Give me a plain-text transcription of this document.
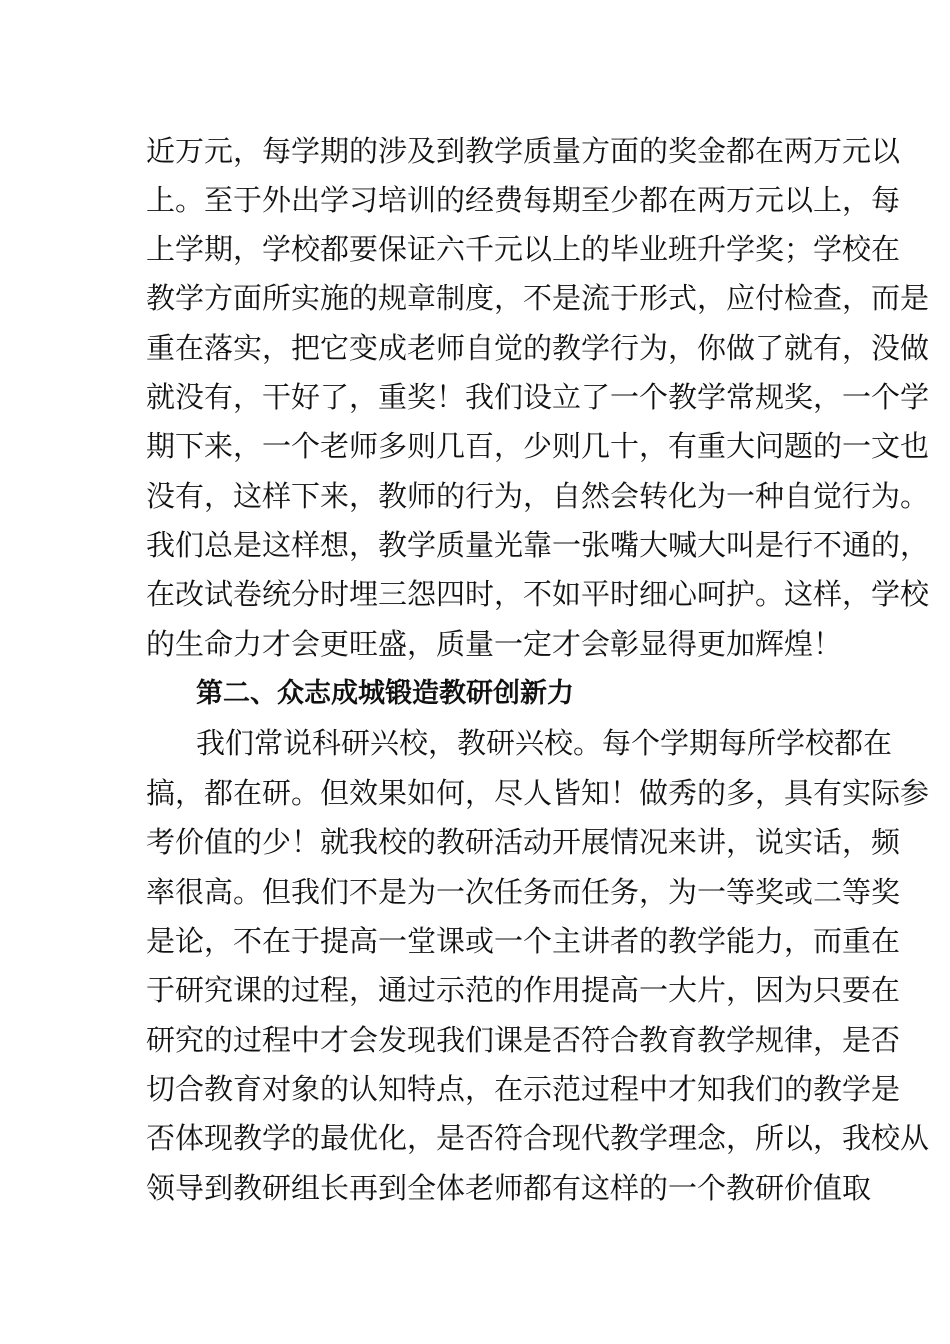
近万元，每学期的涉及到教学质量方面的奖金都在两万元以
上。至于外出学习培训的经费每期至少都在两万元以上，每
上学期，学校都要保证六千元以上的毕业班升学奖；学校在
教学方面所实施的规章制度，不是流于形式，应付检查，而是
重在落实，把它变成老师自觉的教学行为，你做了就有，没做
就没有，干好了，重奖！我们设立了一个教学常规奖，一个学
期下来，一个老师多则几百，少则几十，有重大问题的一文也
没有，这样下来，教师的行为，自然会转化为一种自觉行为。
我们总是这样想，教学质量光靠一张嘴大喊大叫是行不通的，
在改试卷统分时埋三怨四时，不如平时细心呵护。这样，学校
的生命力才会更旺盛，质量一定才会彰显得更加辉煌！
第二、众志成城锻造教研创新力
我们常说科研兴校，教研兴校。每个学期每所学校都在
搞，都在研。但效果如何，尽人皆知！做秀的多，具有实际参
考价值的少！就我校的教研活动开展情况来讲，说实话，频
率很高。但我们不是为一次任务而任务，为一等奖或二等奖
是论，不在于提高一堂课或一个主讲者的教学能力，而重在
于研究课的过程，通过示范的作用提高一大片，因为只要在
研究的过程中才会发现我们课是否符合教育教学规律，是否
切合教育对象的认知特点，在示范过程中才知我们的教学是
否体现教学的最优化，是否符合现代教学理念，所以，我校从
领导到教研组长再到全体老师都有这样的一个教研价值取
